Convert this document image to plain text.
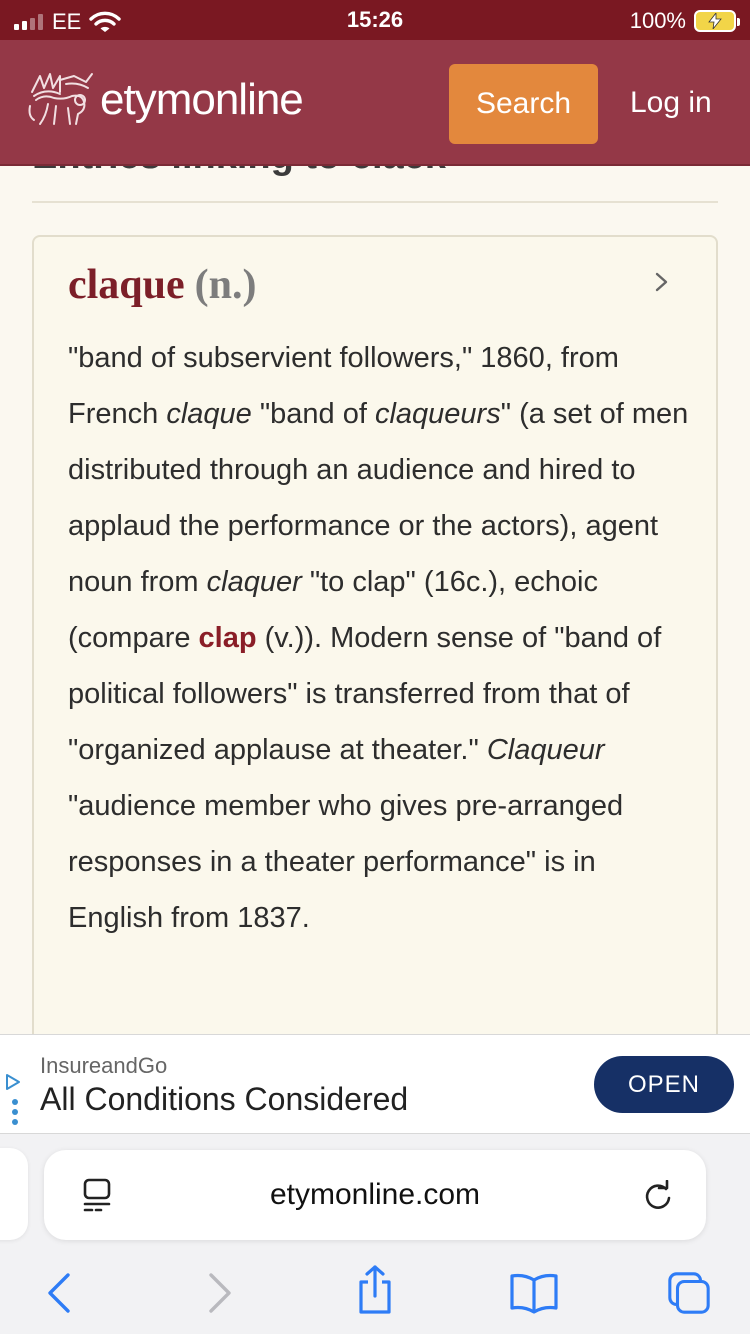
EE	15:26	100%
etymonline	Search	Log in
claque (n.)

"band of subservient followers," 1860, from French claque "band of claqueurs" (a set of men distributed through an audience and hired to applaud the performance or the actors), agent noun from claquer "to clap" (16c.), echoic (compare clap (v.)). Modern sense of "band of political followers" is transferred from that of "organized applause at theater." Claqueur "audience member who gives pre-arranged responses in a theater performance" is in English from 1837.

InsureandGo
All Conditions Considered	OPEN
etymonline.com
